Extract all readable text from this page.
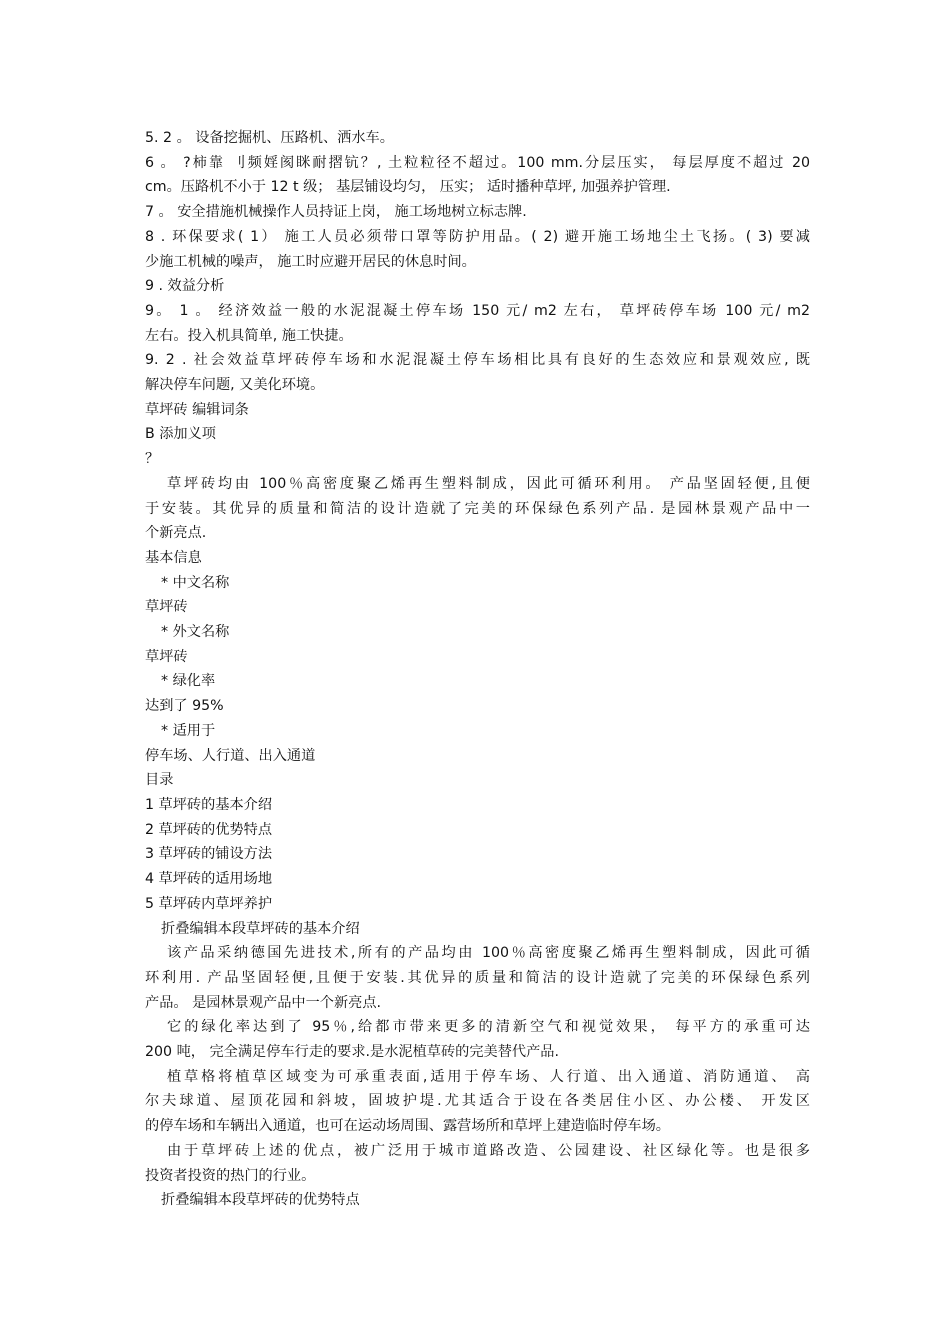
5. 2 。 设备挖掘机、压路机、洒水车。
6 。 ?柿靠 刂频婬阂眯耐摺钪？, 土粒粒径不超过。100 mm.分层压实， 每层厚度不超过 20
cm。压路机不小于 12 t 级； 基层铺设均匀， 压实； 适时播种草坪, 加强养护管理.
7 。 安全措施机械操作人员持证上岗， 施工场地树立标志牌.
8 . 环保要求( 1） 施工人员必须带口罩等防护用品。( 2) 避开施工场地尘土飞扬。( 3) 要减
少施工机械的噪声， 施工时应避开居民的休息时间。
9 . 效益分析
9。 1 。 经济效益一般的水泥混凝土停车场 150 元/ m2 左右， 草坪砖停车场 100 元/ m2
左右。投入机具简单, 施工快捷。
9. 2 . 社会效益草坪砖停车场和水泥混凝土停车场相比具有良好的生态效应和景观效应, 既
解决停车问题, 又美化环境。
草坪砖 编辑词条
B 添加义项
？
草坪砖均由 100％高密度聚乙烯再生塑料制成，因此可循环利用。 产品坚固轻便,且便
于安装。其优异的质量和简洁的设计造就了完美的环保绿色系列产品. 是园林景观产品中一
个新亮点.
基本信息
* 中文名称
草坪砖
* 外文名称
草坪砖
* 绿化率
达到了 95%
* 适用于
停车场、人行道、出入通道
目录
1 草坪砖的基本介绍
2 草坪砖的优势特点
3 草坪砖的铺设方法
4 草坪砖的适用场地
5 草坪砖内草坪养护
折叠编辑本段草坪砖的基本介绍
该产品采纳德国先进技术,所有的产品均由 100％高密度聚乙烯再生塑料制成，因此可循
环利用. 产品坚固轻便,且便于安装.其优异的质量和简洁的设计造就了完美的环保绿色系列
产品。 是园林景观产品中一个新亮点.
它的绿化率达到了 95％,给都市带来更多的清新空气和视觉效果， 每平方的承重可达
200 吨， 完全满足停车行走的要求.是水泥植草砖的完美替代产品.
植草格将植草区域变为可承重表面,适用于停车场、人行道、出入通道、消防通道、 高
尔夫球道、屋顶花园和斜坡，固坡护堤.尤其适合于设在各类居住小区、办公楼、 开发区
的停车场和车辆出入通道，也可在运动场周围、露营场所和草坪上建造临时停车场。
由于草坪砖上述的优点，被广泛用于城市道路改造、公园建设、社区绿化等。也是很多
投资者投资的热门的行业。
折叠编辑本段草坪砖的优势特点
